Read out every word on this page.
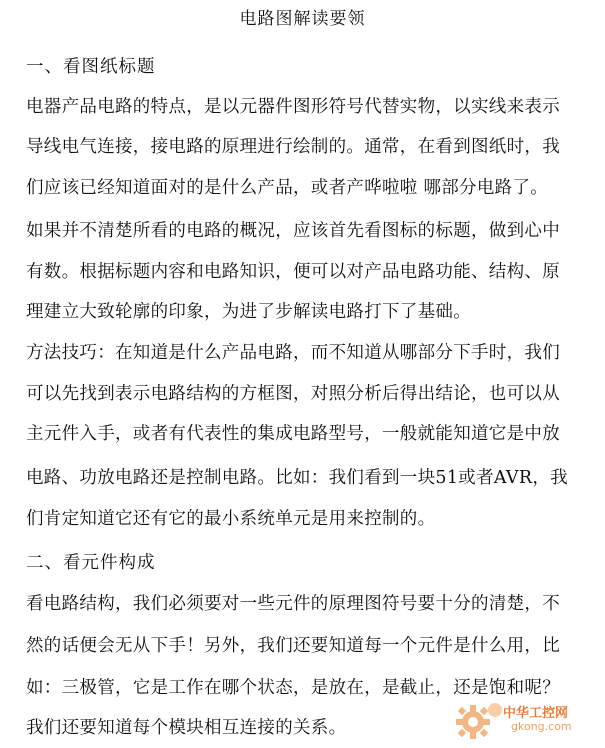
电路图解读要领
一、看图纸标题
电器产品电路的特点，是以元器件图形符号代替实物，以实线来表示
导线电气连接，接电路的原理进行绘制的。通常，在看到图纸时，我
们应该已经知道面对的是什么产品，或者产哗啦啦 哪部分电路了。
如果并不清楚所看的电路的概况，应该首先看图标的标题，做到心中
有数。根据标题内容和电路知识，便可以对产品电路功能、结构、原
理建立大致轮廓的印象，为进了步解读电路打下了基础。
方法技巧：在知道是什么产品电路，而不知道从哪部分下手时，我们
可以先找到表示电路结构的方框图，对照分析后得出结论，也可以从
主元件入手，或者有代表性的集成电路型号，一般就能知道它是中放
电路、功放电路还是控制电路。比如：我们看到一块51或者AVR，我
们肯定知道它还有它的最小系统单元是用来控制的。
二、看元件构成
看电路结构，我们必须要对一些元件的原理图符号要十分的清楚，不
然的话便会无从下手！另外，我们还要知道每一个元件是什么用，比
如：三极管，它是工作在哪个状态，是放在，是截止，还是饱和呢？
我们还要知道每个模块相互连接的关系。
中华工控网
gkong.com
